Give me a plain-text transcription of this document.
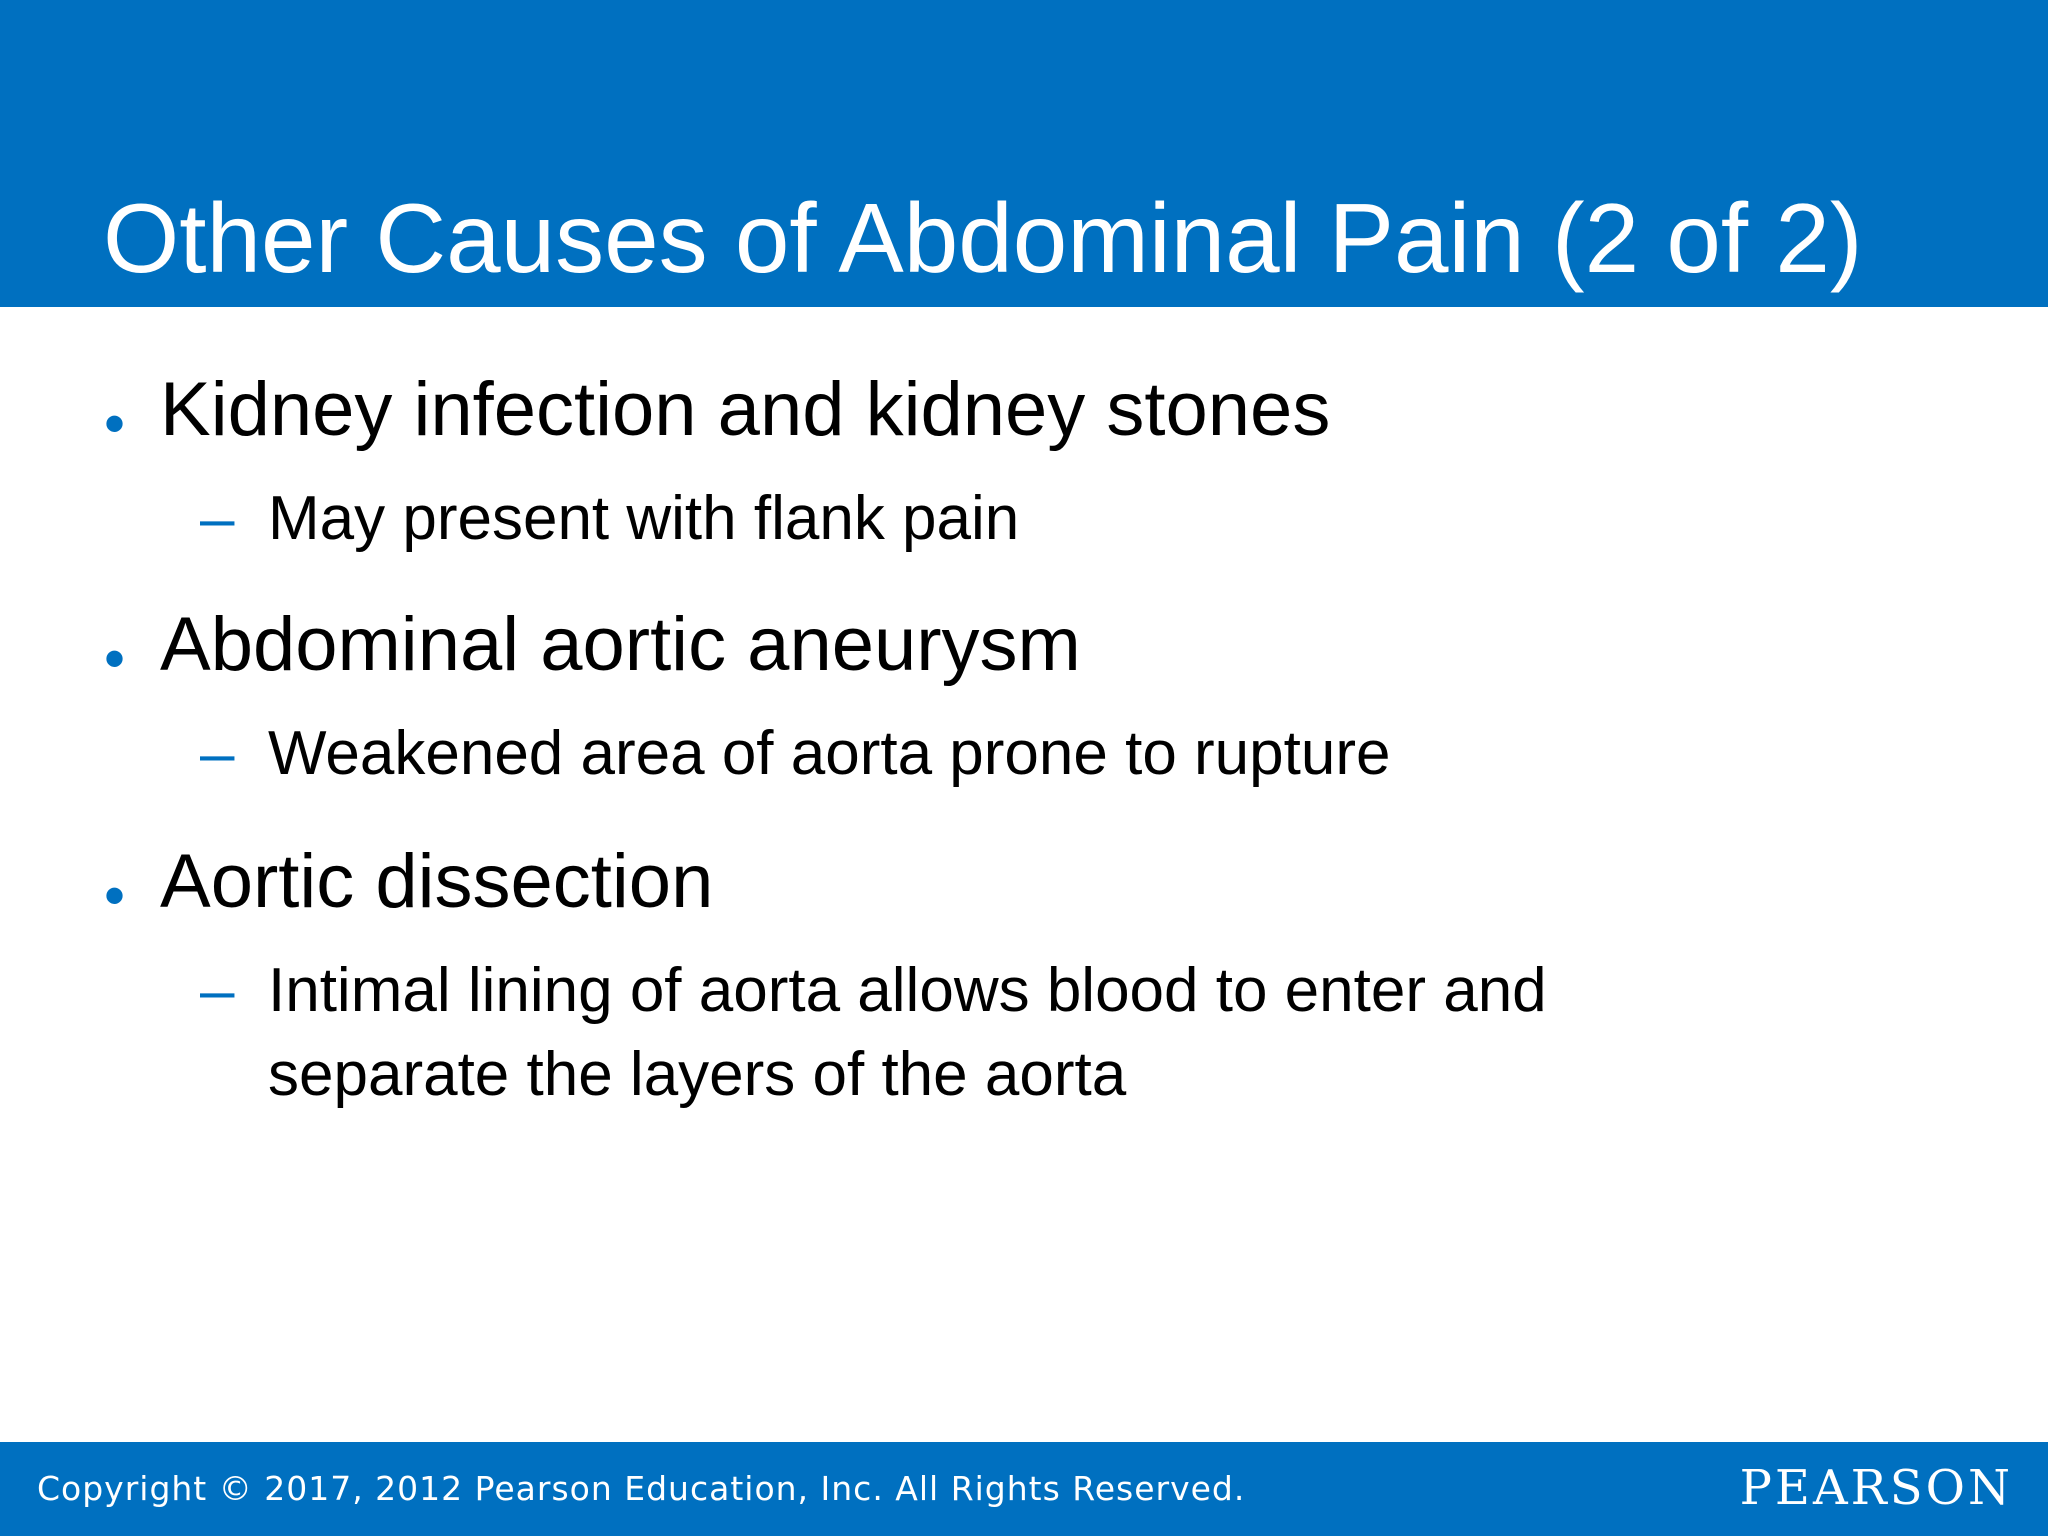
Other Causes of Abdominal Pain (2 of 2)
• Kidney infection and kidney stones
– May present with flank pain
• Abdominal aortic aneurysm
– Weakened area of aorta prone to rupture
• Aortic dissection
– Intimal lining of aorta allows blood to enter and separate the layers of the aorta
Copyright © 2017, 2012 Pearson Education, Inc. All Rights Reserved.	PEARSON
